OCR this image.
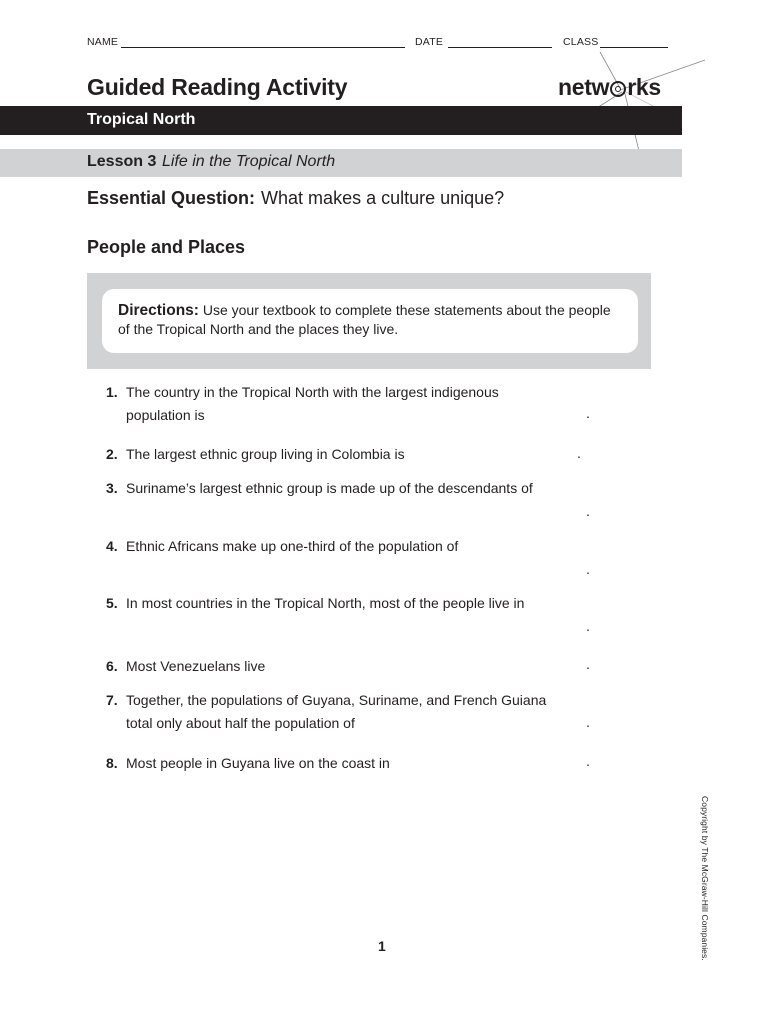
NAME	DATE	CLASS
Guided Reading Activity	netw rks
Tropical North
Lesson 3 Life in the Tropical North
Essential Question: What makes a culture unique?
People and Places
Directions: Use your textbook to complete these statements about the people of the Tropical North and the places they live.
1. The country in the Tropical North with the largest indigenous
population is	.
2. The largest ethnic group living in Colombia is	.
3. Suriname’s largest ethnic group is made up of the descendants of
.
4. Ethnic Africans make up one-third of the population of
.
5. In most countries in the Tropical North, most of the people live in
.
6. Most Venezuelans live	.
7. Together, the populations of Guyana, Suriname, and French Guiana
total only about half the population of	.
8. Most people in Guyana live on the coast in	.
Copyright by The McGraw-Hill Companies.
1
